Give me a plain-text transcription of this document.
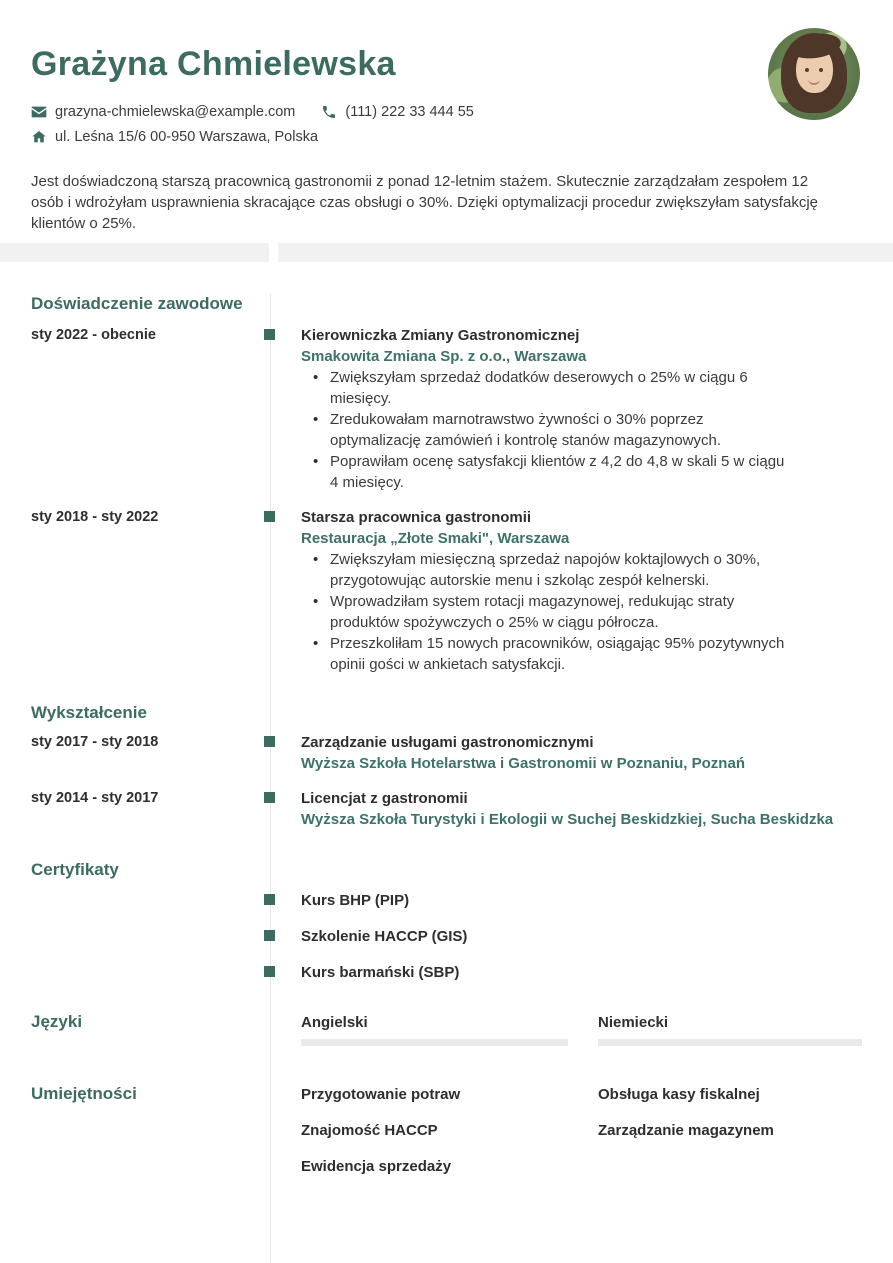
Grażyna Chmielewska
grazyna-chmielewska@example.com	(111) 222 33 444 55
ul. Leśna 15/6 00-950 Warszawa, Polska

Jest doświadczoną starszą pracownicą gastronomii z ponad 12-letnim stażem. Skutecznie zarządzałam zespołem 12 osób i wdrożyłam usprawnienia skracające czas obsługi o 30%. Dzięki optymalizacji procedur zwiększyłam satysfakcję klientów o 25%.

Doświadczenie zawodowe
sty 2022 - obecnie	Kierowniczka Zmiany Gastronomicznej
Smakowita Zmiana Sp. z o.o., Warszawa
• Zwiększyłam sprzedaż dodatków deserowych o 25% w ciągu 6 miesięcy.
• Zredukowałam marnotrawstwo żywności o 30% poprzez optymalizację zamówień i kontrolę stanów magazynowych.
• Poprawiłam ocenę satysfakcji klientów z 4,2 do 4,8 w skali 5 w ciągu 4 miesięcy.
sty 2018 - sty 2022	Starsza pracownica gastronomii
Restauracja „Złote Smaki", Warszawa
• Zwiększyłam miesięczną sprzedaż napojów koktajlowych o 30%, przygotowując autorskie menu i szkoląc zespół kelnerski.
• Wprowadziłam system rotacji magazynowej, redukując straty produktów spożywczych o 25% w ciągu półrocza.
• Przeszkoliłam 15 nowych pracowników, osiągając 95% pozytywnych opinii gości w ankietach satysfakcji.
Wykształcenie
sty 2017 - sty 2018	Zarządzanie usługami gastronomicznymi
Wyższa Szkoła Hotelarstwa i Gastronomii w Poznaniu, Poznań
sty 2014 - sty 2017	Licencjat z gastronomii
Wyższa Szkoła Turystyki i Ekologii w Suchej Beskidzkiej, Sucha Beskidzka
Certyfikaty
Kurs BHP (PIP)
Szkolenie HACCP (GIS)
Kurs barmański (SBP)
Języki	Angielski	Niemiecki
Umiejętności	Przygotowanie potraw	Obsługa kasy fiskalnej
Znajomość HACCP	Zarządzanie magazynem
Ewidencja sprzedaży
